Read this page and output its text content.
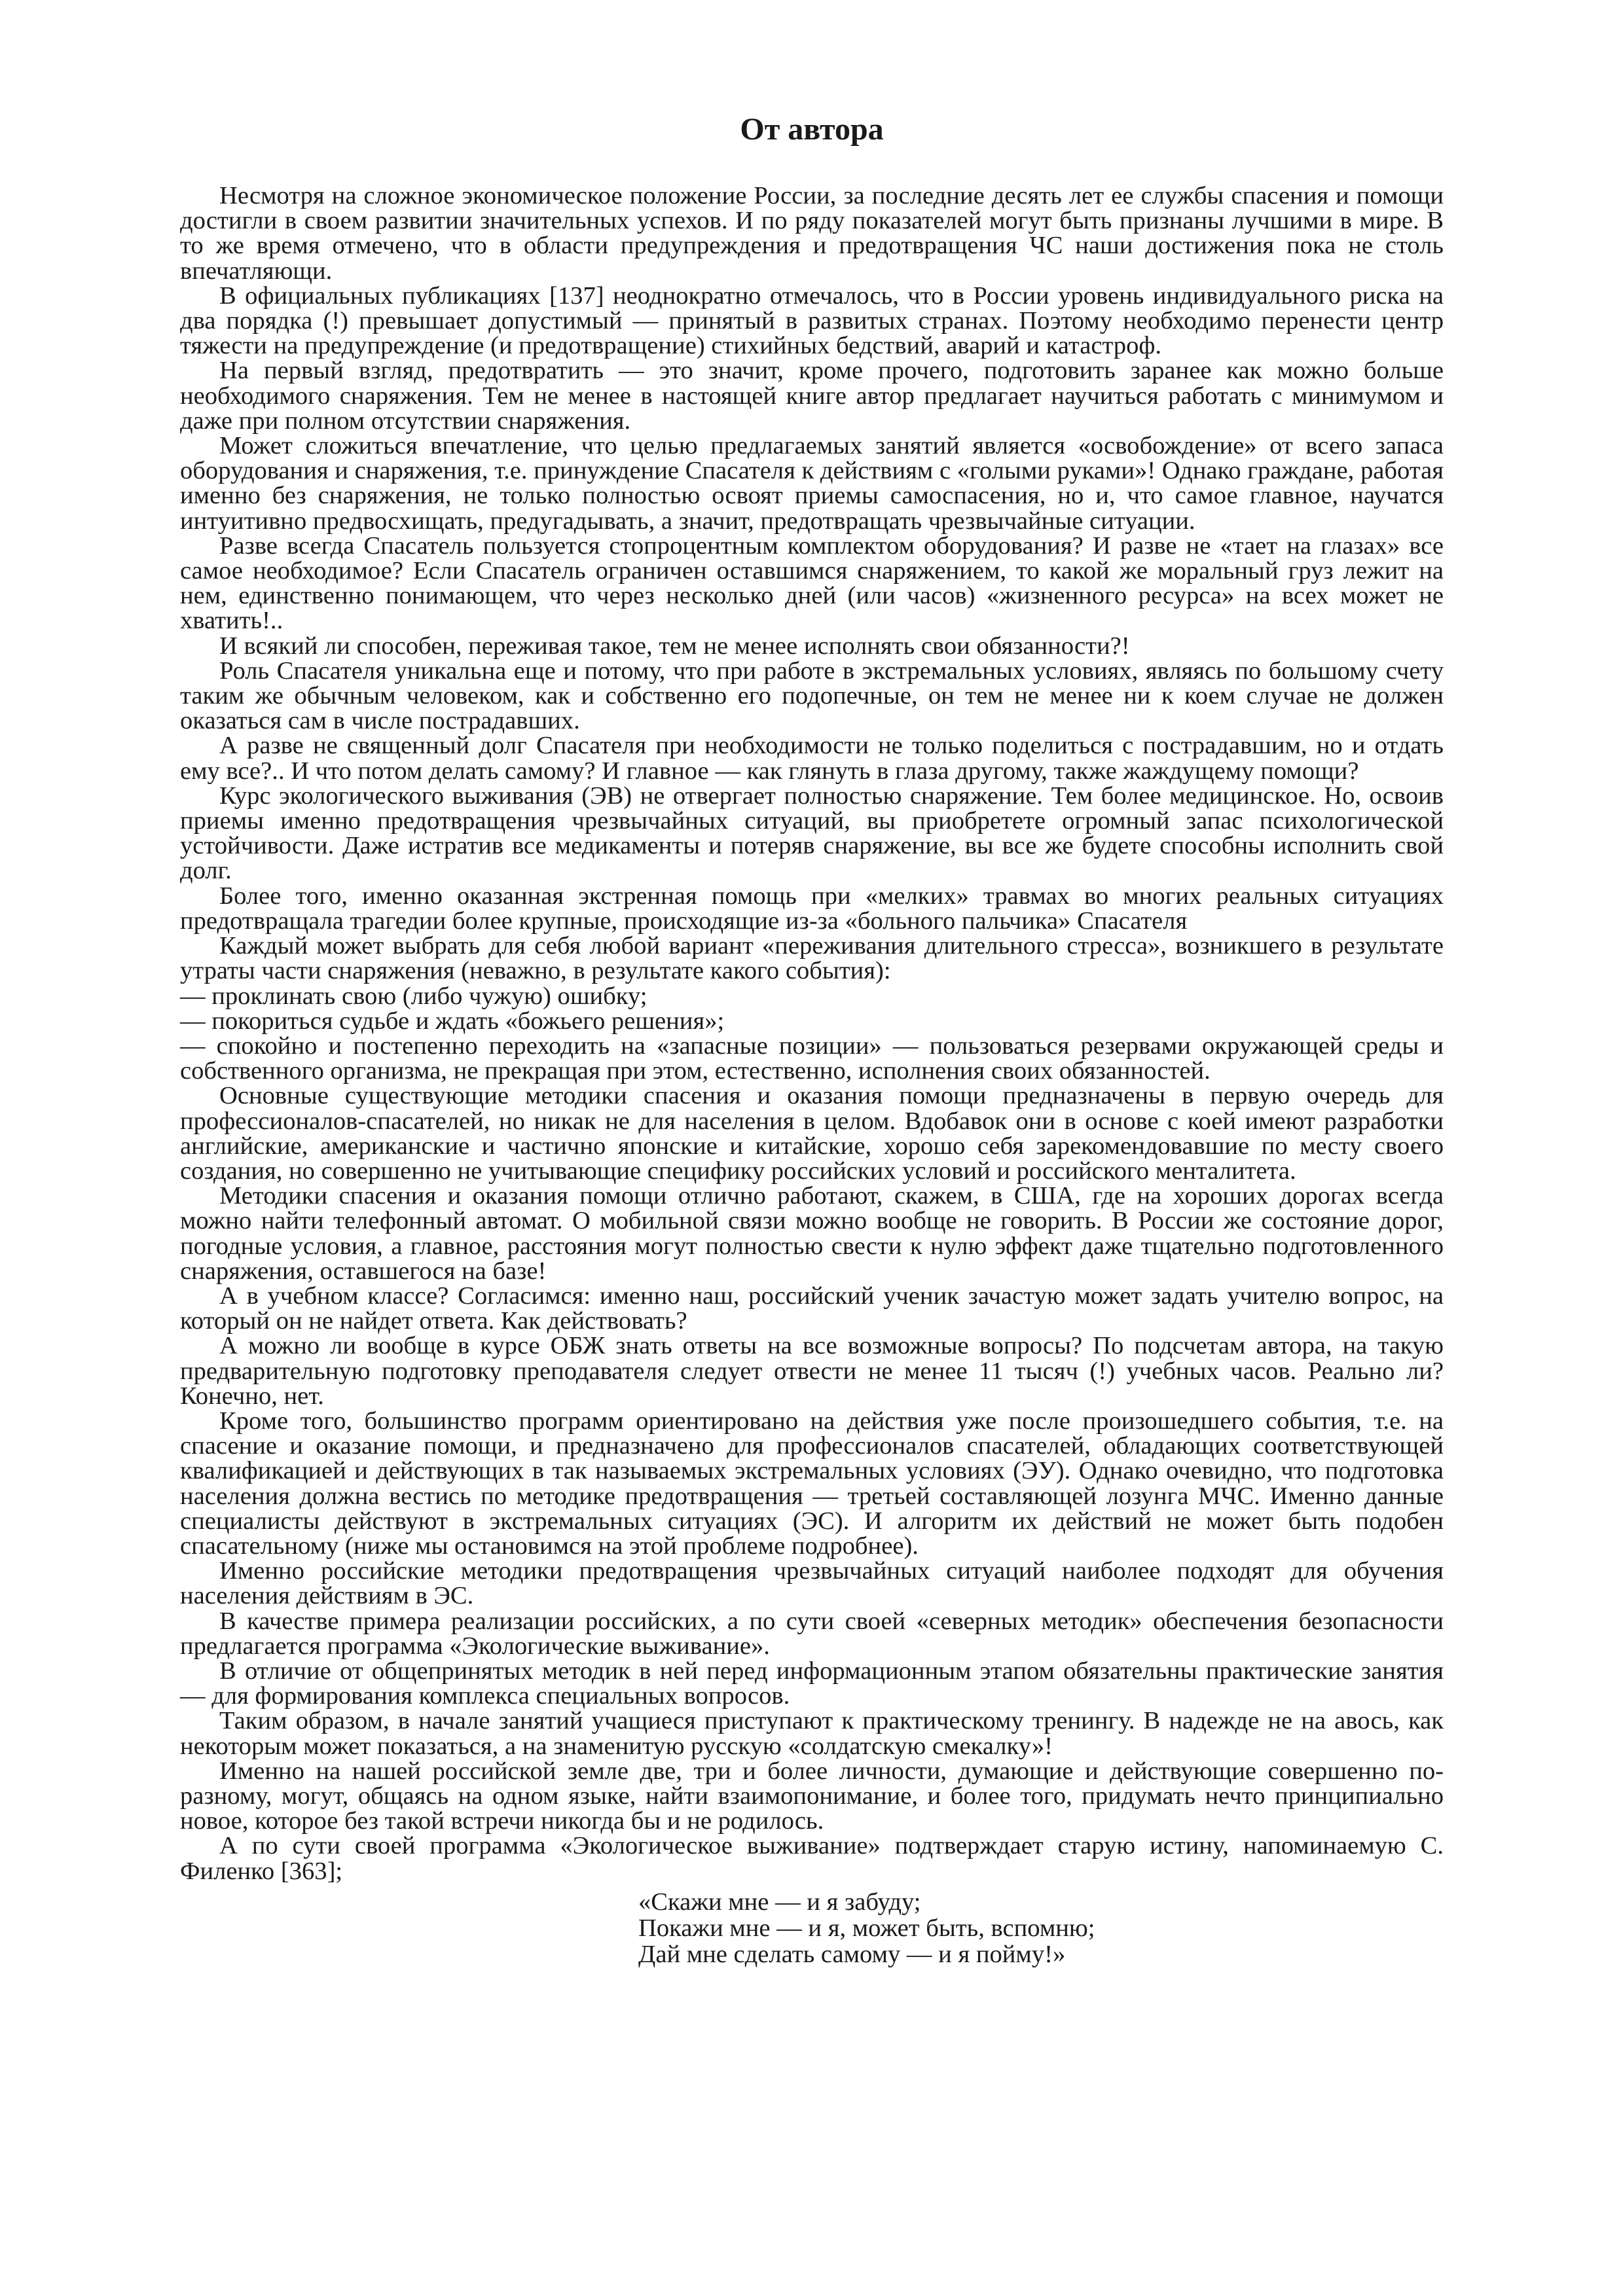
От автора

Несмотря на сложное экономическое положение России, за последние десять лет ее службы спасения и помощи достигли в своем развитии значительных успехов. И по ряду показателей могут быть признаны лучшими в мире. В то же время отмечено, что в области предупреждения и предотвращения ЧС наши достижения пока не столь впечатляющи.

В официальных публикациях [137] неоднократно отмечалось, что в России уровень индивидуального риска на два порядка (!) превышает допустимый — принятый в развитых странах. Поэтому необходимо перенести центр тяжести на предупреждение (и предотвращение) стихийных бедствий, аварий и катастроф.

На первый взгляд, предотвратить — это значит, кроме прочего, подготовить заранее как можно больше необходимого снаряжения. Тем не менее в настоящей книге автор предлагает научиться работать с минимумом и даже при полном отсутствии снаряжения.

Может сложиться впечатление, что целью предлагаемых занятий является «освобождение» от всего запаса оборудования и снаряжения, т.е. принуждение Спасателя к действиям с «голыми руками»! Однако граждане, работая именно без снаряжения, не только полностью освоят приемы самоспасения, но и, что самое главное, научатся интуитивно предвосхищать, предугадывать, а значит, предотвращать чрезвычайные ситуации.

Разве всегда Спасатель пользуется стопроцентным комплектом оборудования? И разве не «тает на глазах» все самое необходимое? Если Спасатель ограничен оставшимся снаряжением, то какой же моральный груз лежит на нем, единственно понимающем, что через несколько дней (или часов) «жизненного ресурса» на всех может не хватить!..

И всякий ли способен, переживая такое, тем не менее исполнять свои обязанности?!

Роль Спасателя уникальна еще и потому, что при работе в экстремальных условиях, являясь по большому счету таким же обычным человеком, как и собственно его подопечные, он тем не менее ни к коем случае не должен оказаться сам в числе пострадавших.

А разве не священный долг Спасателя при необходимости не только поделиться с пострадавшим, но и отдать ему все?.. И что потом делать самому? И главное — как глянуть в глаза другому, также жаждущему помощи?

Курс экологического выживания (ЭВ) не отвергает полностью снаряжение. Тем более медицинское. Но, освоив приемы именно предотвращения чрезвычайных ситуаций, вы приобретете огромный запас психологической устойчивости. Даже истратив все медикаменты и потеряв снаряжение, вы все же будете способны исполнить свой долг.

Более того, именно оказанная экстренная помощь при «мелких» травмах во многих реальных ситуациях предотвращала трагедии более крупные, происходящие из-за «больного пальчика» Спасателя

Каждый может выбрать для себя любой вариант «переживания длительного стресса», возникшего в результате утраты части снаряжения (неважно, в результате какого события):

— проклинать свою (либо чужую) ошибку;

— покориться судьбе и ждать «божьего решения»;

— спокойно и постепенно переходить на «запасные позиции» — пользоваться резервами окружающей среды и собственного организма, не прекращая при этом, естественно, исполнения своих обязанностей.

Основные существующие методики спасения и оказания помощи предназначены в первую очередь для профессионалов-спасателей, но никак не для населения в целом. Вдобавок они в основе с коей имеют разработки английские, американские и частично японские и китайские, хорошо себя зарекомендовавшие по месту своего создания, но совершенно не учитывающие специфику российских условий и российского менталитета.

Методики спасения и оказания помощи отлично работают, скажем, в США, где на хороших дорогах всегда можно найти телефонный автомат. О мобильной связи можно вообще не говорить. В России же состояние дорог, погодные условия, а главное, расстояния могут полностью свести к нулю эффект даже тщательно подготовленного снаряжения, оставшегося на базе!

А в учебном классе? Согласимся: именно наш, российский ученик зачастую может задать учителю вопрос, на который он не найдет ответа. Как действовать?

А можно ли вообще в курсе ОБЖ знать ответы на все возможные вопросы? По подсчетам автора, на такую предварительную подготовку преподавателя следует отвести не менее 11 тысяч (!) учебных часов. Реально ли? Конечно, нет.

Кроме того, большинство программ ориентировано на действия уже после произошедшего события, т.е. на спасение и оказание помощи, и предназначено для профессионалов спасателей, обладающих соответствующей квалификацией и действующих в так называемых экстремальных условиях (ЭУ). Однако очевидно, что подготовка населения должна вестись по методике предотвращения — третьей составляющей лозунга МЧС. Именно данные специалисты действуют в экстремальных ситуациях (ЭС). И алгоритм их действий не может быть подобен спасательному (ниже мы остановимся на этой проблеме подробнее).

Именно российские методики предотвращения чрезвычайных ситуаций наиболее подходят для обучения населения действиям в ЭС.

В качестве примера реализации российских, а по сути своей «северных методик» обеспечения безопасности предлагается программа «Экологические выживание».

В отличие от общепринятых методик в ней перед информационным этапом обязательны практические занятия — для формирования комплекса специальных вопросов.

Таким образом, в начале занятий учащиеся приступают к практическому тренингу. В надежде не на авось, как некоторым может показаться, а на знаменитую русскую «солдатскую смекалку»!

Именно на нашей российской земле две, три и более личности, думающие и действующие совершенно по-разному, могут, общаясь на одном языке, найти взаимопонимание, и более того, придумать нечто принципиально новое, которое без такой встречи никогда бы и не родилось.

А по сути своей программа «Экологическое выживание» подтверждает старую истину, напоминаемую С. Филенко [363];

«Скажи мне — и я забуду;
Покажи мне — и я, может быть, вспомню;
Дай мне сделать самому — и я пойму!»
